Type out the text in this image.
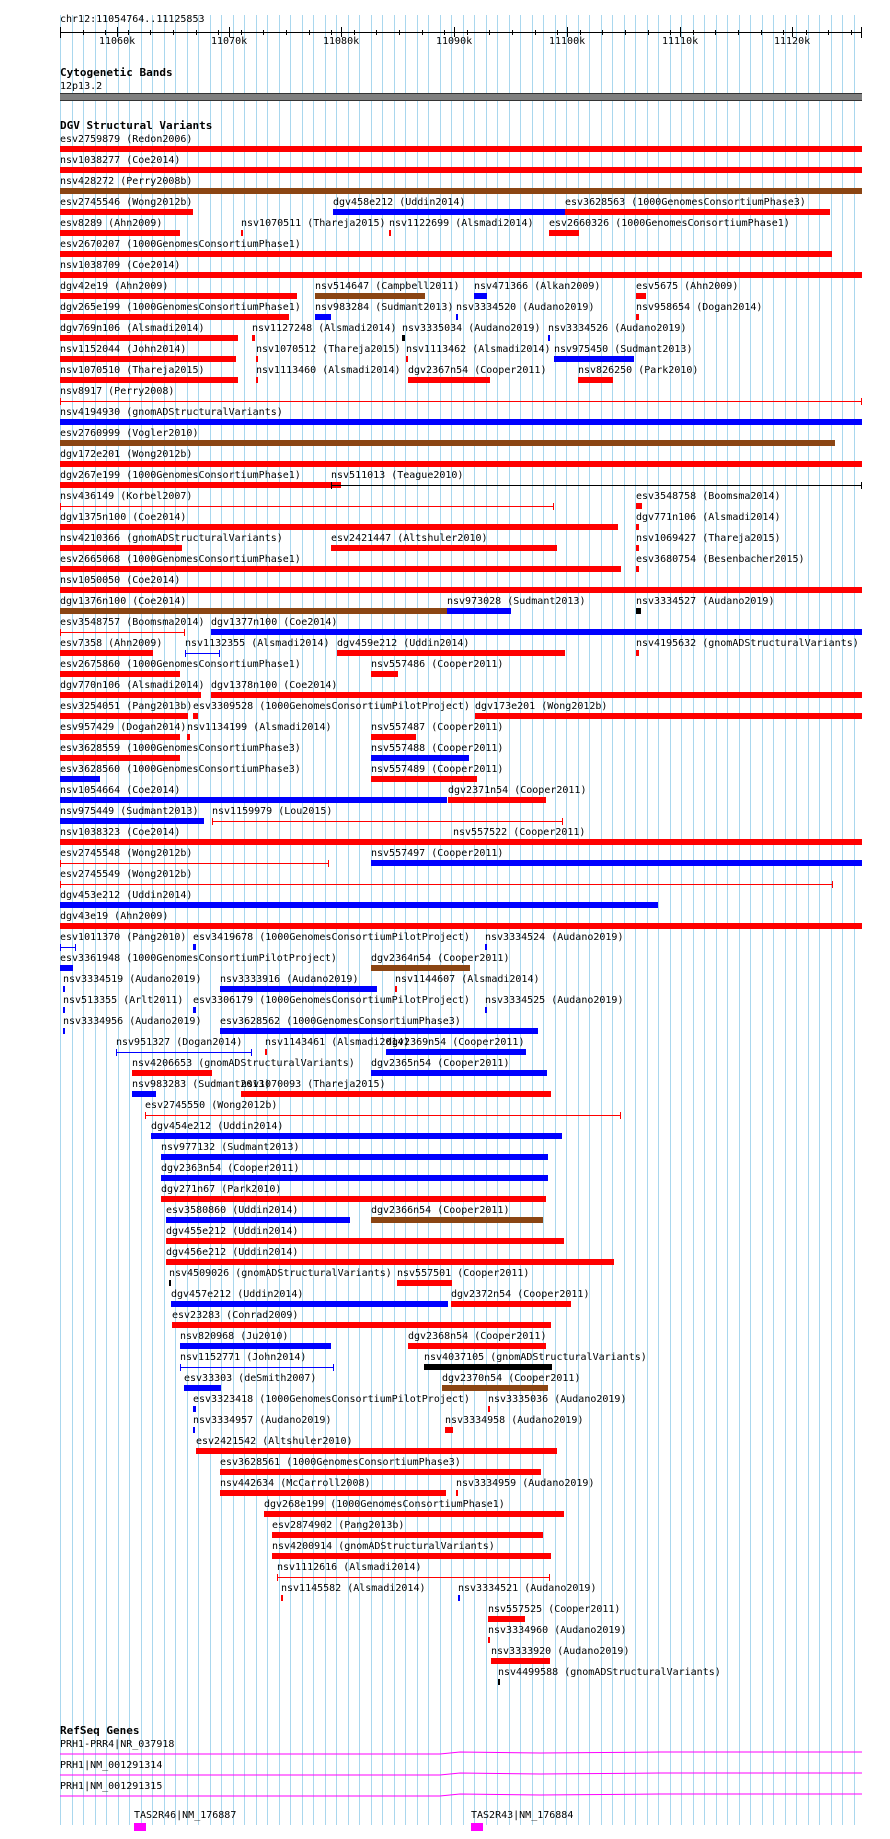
chr12:11054764..11125853
11060k	11070k	11080k	11090k	11100k	11110k	11120k
Cytogenetic Bands
12p13.2
DGV Structural Variants
esv2759879 (Redon2006)
nsv1038277 (Coe2014)
nsv428272 (Perry2008b)
esv2745546 (Wong2012b)	dgv458e212 (Uddin2014)	esv3628563 (1000GenomesConsortiumPhase3)
esv8289 (Ahn2009)	nsv1070511 (Thareja2015) nsv1122699 (Alsmadi2014) esv2660326 (1000GenomesConsortiumPhase1)
esv2670207 (1000GenomesConsortiumPhase1)
nsv1038709 (Coe2014)
dgv42e19 (Ahn2009)	nsv514647 (Campbell2011) nsv471366 (Alkan2009)	esv5675 (Ahn2009)
dgv265e199 (1000GenomesConsortiumPhase1) nsv983284 (Sudmant2013) nsv3334520 (Audano2019)	nsv958654 (Dogan2014)
dgv769n106 (Alsmadi2014)	nsv1127248 (Alsmadi2014) nsv3335034 (Audano2019) nsv3334526 (Audano2019)
nsv1152044 (John2014)	nsv1070512 (Thareja2015) nsv1113462 (Alsmadi2014) nsv975450 (Sudmant2013)
nsv1070510 (Thareja2015)	nsv1113460 (Alsmadi2014) dgv2367n54 (Cooper2011)	nsv826250 (Park2010)
nsv8917 (Perry2008)
nsv4194930 (gnomADStructuralVariants)
esv2760999 (Vogler2010)
dgv172e201 (Wong2012b)
dgv267e199 (1000GenomesConsortiumPhase1)	nsv511013 (Teague2010)
nsv436149 (Korbel2007)	esv3548758 (Boomsma2014)
dgv1375n100 (Coe2014)	dgv771n106 (Alsmadi2014)
nsv4210366 (gnomADStructuralVariants)	esv2421447 (Altshuler2010)	nsv1069427 (Thareja2015)
esv2665068 (1000GenomesConsortiumPhase1)	esv3680754 (Besenbacher2015)
nsv1050050 (Coe2014)
dgv1376n100 (Coe2014)	nsv973028 (Sudmant2013)	nsv3334527 (Audano2019)
esv3548757 (Boomsma2014) dgv1377n100 (Coe2014)
esv7358 (Ahn2009) nsv1132355 (Alsmadi2014) dgv459e212 (Uddin2014)	nsv4195632 (gnomADStructuralVariants)
esv2675860 (1000GenomesConsortiumPhase1)	nsv557486 (Cooper2011)
dgv770n106 (Alsmadi2014) dgv1378n100 (Coe2014)
esv3254051 (Pang2013b) esv3309528 (1000GenomesConsortiumPilotProject) dgv173e201 (Wong2012b)
esv957429 (Dogan2014) nsv1134199 (Alsmadi2014)	nsv557487 (Cooper2011)
esv3628559 (1000GenomesConsortiumPhase3)	nsv557488 (Cooper2011)
esv3628560 (1000GenomesConsortiumPhase3)	nsv557489 (Cooper2011)
nsv1054664 (Coe2014)	dgv2371n54 (Cooper2011)
nsv975449 (Sudmant2013) nsv1159979 (Lou2015)
nsv1038323 (Coe2014)	nsv557522 (Cooper2011)
esv2745548 (Wong2012b)	nsv557497 (Cooper2011)
esv2745549 (Wong2012b)
dgv453e212 (Uddin2014)
dgv43e19 (Ahn2009)
esv1011370 (Pang2010) esv3419678 (1000GenomesConsortiumPilotProject) nsv3334524 (Audano2019)
esv3361948 (1000GenomesConsortiumPilotProject)	dgv2364n54 (Cooper2011)
nsv3334519 (Audano2019) nsv3333916 (Audano2019)	nsv1144607 (Alsmadi2014)
nsv513355 (Arlt2011) esv3306179 (1000GenomesConsortiumPilotProject) nsv3334525 (Audano2019)
nsv3334956 (Audano2019) esv3628562 (1000GenomesConsortiumPhase3)
nsv951327 (Dogan2014) nsv1143461 (Alsmadi2014)
dgv2369n54 (Cooper2011)
nsv4206653 (gnomADStructuralVariants) dgv2365n54 (Cooper2011)
nsv983283 (Sudmant2013)
nsv1070093 (Thareja2015)
esv2745550 (Wong2012b)
dgv454e212 (Uddin2014)
nsv977132 (Sudmant2013)
dgv2363n54 (Cooper2011)
dgv271n67 (Park2010)
esv3580860 (Uddin2014)	dgv2366n54 (Cooper2011)
dgv455e212 (Uddin2014)
dgv456e212 (Uddin2014)
nsv4509026 (gnomADStructuralVariants) nsv557501 (Cooper2011)
dgv457e212 (Uddin2014)	dgv2372n54 (Cooper2011)
esv23283 (Conrad2009)
nsv820968 (Ju2010)	dgv2368n54 (Cooper2011)
nsv1152771 (John2014)	nsv4037105 (gnomADStructuralVariants)
esv33303 (deSmith2007)	dgv2370n54 (Cooper2011)
esv3323418 (1000GenomesConsortiumPilotProject) nsv3335036 (Audano2019)
nsv3334957 (Audano2019)	nsv3334958 (Audano2019)
esv2421542 (Altshuler2010)
esv3628561 (1000GenomesConsortiumPhase3)
nsv442634 (McCarroll2008)	nsv3334959 (Audano2019)
dgv268e199 (1000GenomesConsortiumPhase1)
esv2874902 (Pang2013b)
nsv4200914 (gnomADStructuralVariants)
nsv1112616 (Alsmadi2014)
nsv1145582 (Alsmadi2014)	nsv3334521 (Audano2019)
nsv557525 (Cooper2011)
nsv3334960 (Audano2019)
nsv3333920 (Audano2019)
nsv4499588 (gnomADStructuralVariants)
RefSeq Genes
PRH1-PRR4|NR_037918
PRH1|NM_001291314
PRH1|NM_001291315
TAS2R46|NM_176887	TAS2R43|NM_176884
